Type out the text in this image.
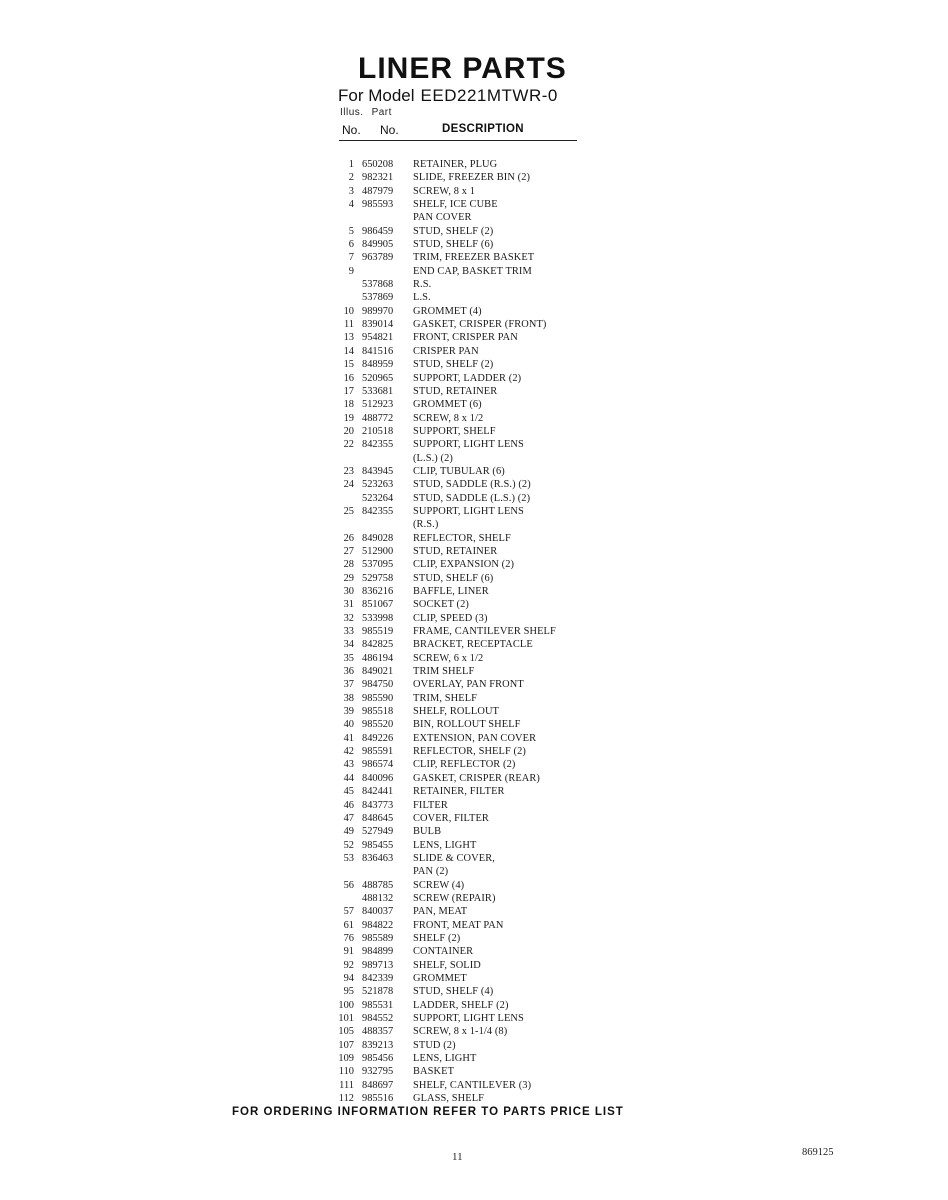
LINER PARTS
For Model EED221MTWR-0
Illus. Part
No. No.	DESCRIPTION
1 650208	RETAINER, PLUG
2 982321	SLIDE, FREEZER BIN (2)
3 487979	SCREW, 8 x 1
4 985593	SHELF, ICE CUBE
PAN COVER
5 986459	STUD, SHELF (2)
6 849905	STUD, SHELF (6)
7 963789	TRIM, FREEZER BASKET
9	END CAP, BASKET TRIM
537868	R.S.
537869	L.S.
10 989970	GROMMET (4)
11 839014	GASKET, CRISPER (FRONT)
13 954821	FRONT, CRISPER PAN
14 841516	CRISPER PAN
15 848959	STUD, SHELF (2)
16 520965	SUPPORT, LADDER (2)
17 533681	STUD, RETAINER
18 512923	GROMMET (6)
19 488772	SCREW, 8 x 1/2
20 210518	SUPPORT, SHELF
22 842355	SUPPORT, LIGHT LENS
(L.S.) (2)
23 843945	CLIP, TUBULAR (6)
24 523263	STUD, SADDLE (R.S.) (2)
523264	STUD, SADDLE (L.S.) (2)
25 842355	SUPPORT, LIGHT LENS
(R.S.)
26 849028	REFLECTOR, SHELF
27 512900	STUD, RETAINER
28 537095	CLIP, EXPANSION (2)
29 529758	STUD, SHELF (6)
30 836216	BAFFLE, LINER
31 851067	SOCKET (2)
32 533998	CLIP, SPEED (3)
33 985519	FRAME, CANTILEVER SHELF
34 842825	BRACKET, RECEPTACLE
35 486194	SCREW, 6 x 1/2
36 849021	TRIM SHELF
37 984750	OVERLAY, PAN FRONT
38 985590	TRIM, SHELF
39 985518	SHELF, ROLLOUT
40 985520	BIN, ROLLOUT SHELF
41 849226	EXTENSION, PAN COVER
42 985591	REFLECTOR, SHELF (2)
43 986574	CLIP, REFLECTOR (2)
44 840096	GASKET, CRISPER (REAR)
45 842441	RETAINER, FILTER
46 843773	FILTER
47 848645	COVER, FILTER
49 527949	BULB
52 985455	LENS, LIGHT
53 836463	SLIDE & COVER,
PAN (2)
56 488785	SCREW (4)
488132	SCREW (REPAIR)
57 840037	PAN, MEAT
61 984822	FRONT, MEAT PAN
76 985589	SHELF (2)
91 984899	CONTAINER
92 989713	SHELF, SOLID
94 842339	GROMMET
95 521878	STUD, SHELF (4)
100 985531	LADDER, SHELF (2)
101 984552	SUPPORT, LIGHT LENS
105 488357	SCREW, 8 x 1-1/4 (8)
107 839213	STUD (2)
109 985456	LENS, LIGHT
110 932795	BASKET
111 848697	SHELF, CANTILEVER (3)
112 985516	GLASS, SHELF
FOR ORDERING INFORMATION REFER TO PARTS PRICE LIST
11	869125
